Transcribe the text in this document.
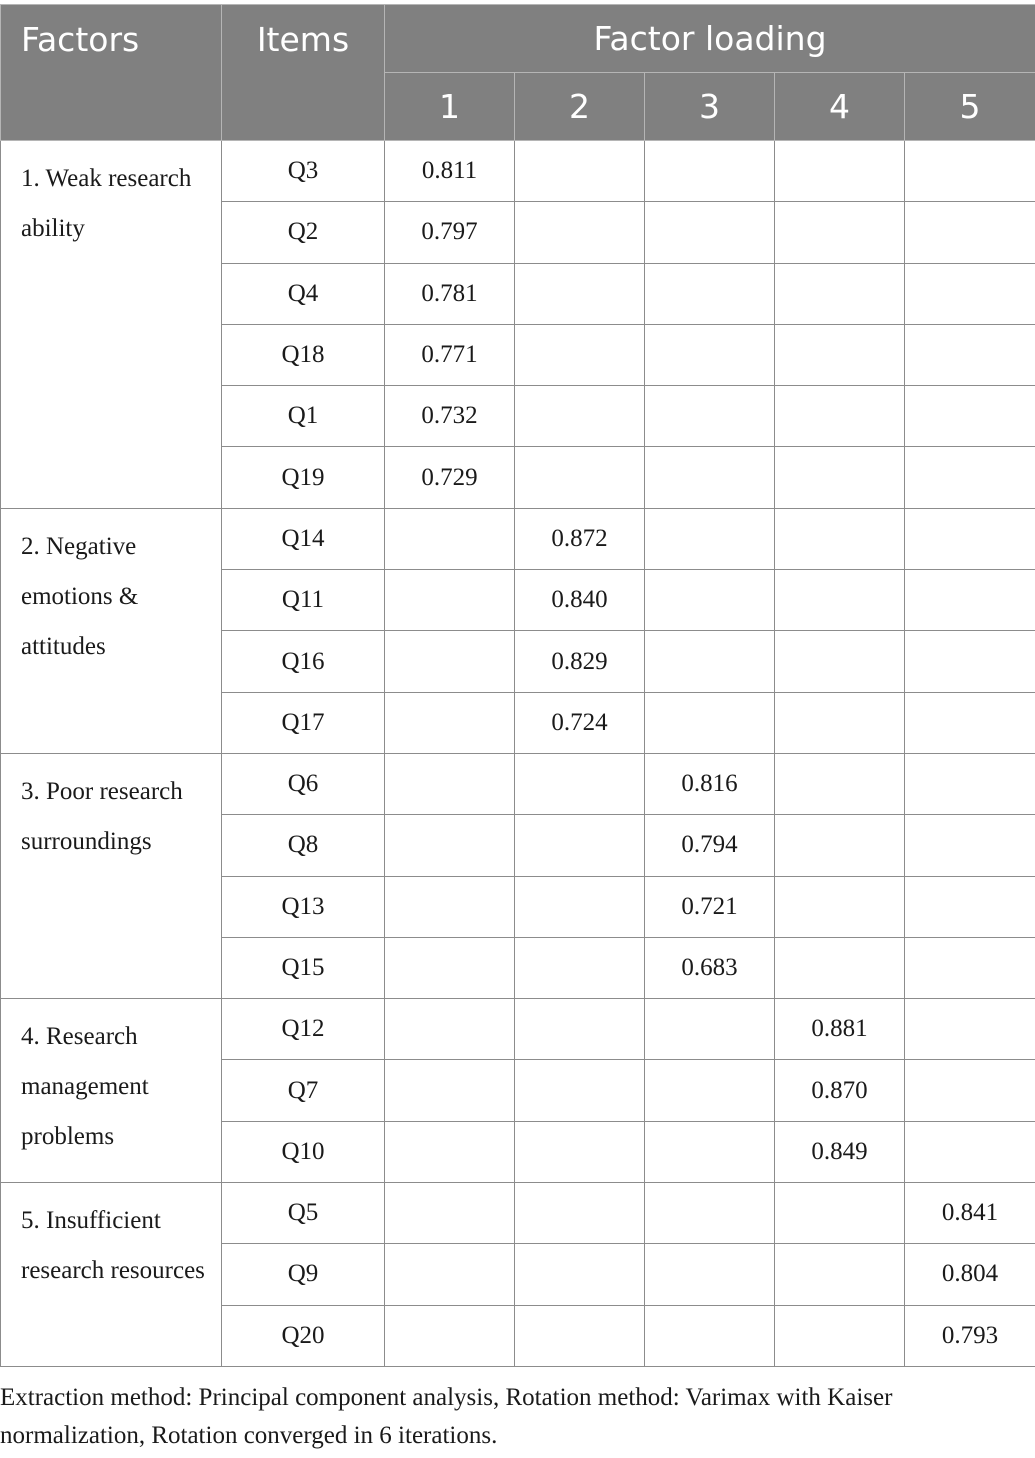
Factors	Items	Factor loading				
		1	2	3	4	5
1. Weak research ability	Q3	0.811				
	Q2	0.797				
	Q4	0.781				
	Q18	0.771				
	Q1	0.732				
	Q19	0.729				
2. Negative emotions & attitudes	Q14		0.872			
	Q11		0.840			
	Q16		0.829			
	Q17		0.724			
3. Poor research surroundings	Q6			0.816		
	Q8			0.794		
	Q13			0.721		
	Q15			0.683		
4. Research management problems	Q12				0.881	
	Q7				0.870	
	Q10				0.849	
5. Insufficient research resources	Q5					0.841
	Q9					0.804
	Q20					0.793
Extraction method: Principal component analysis, Rotation method: Varimax with Kaiser normalization, Rotation converged in 6 iterations.
